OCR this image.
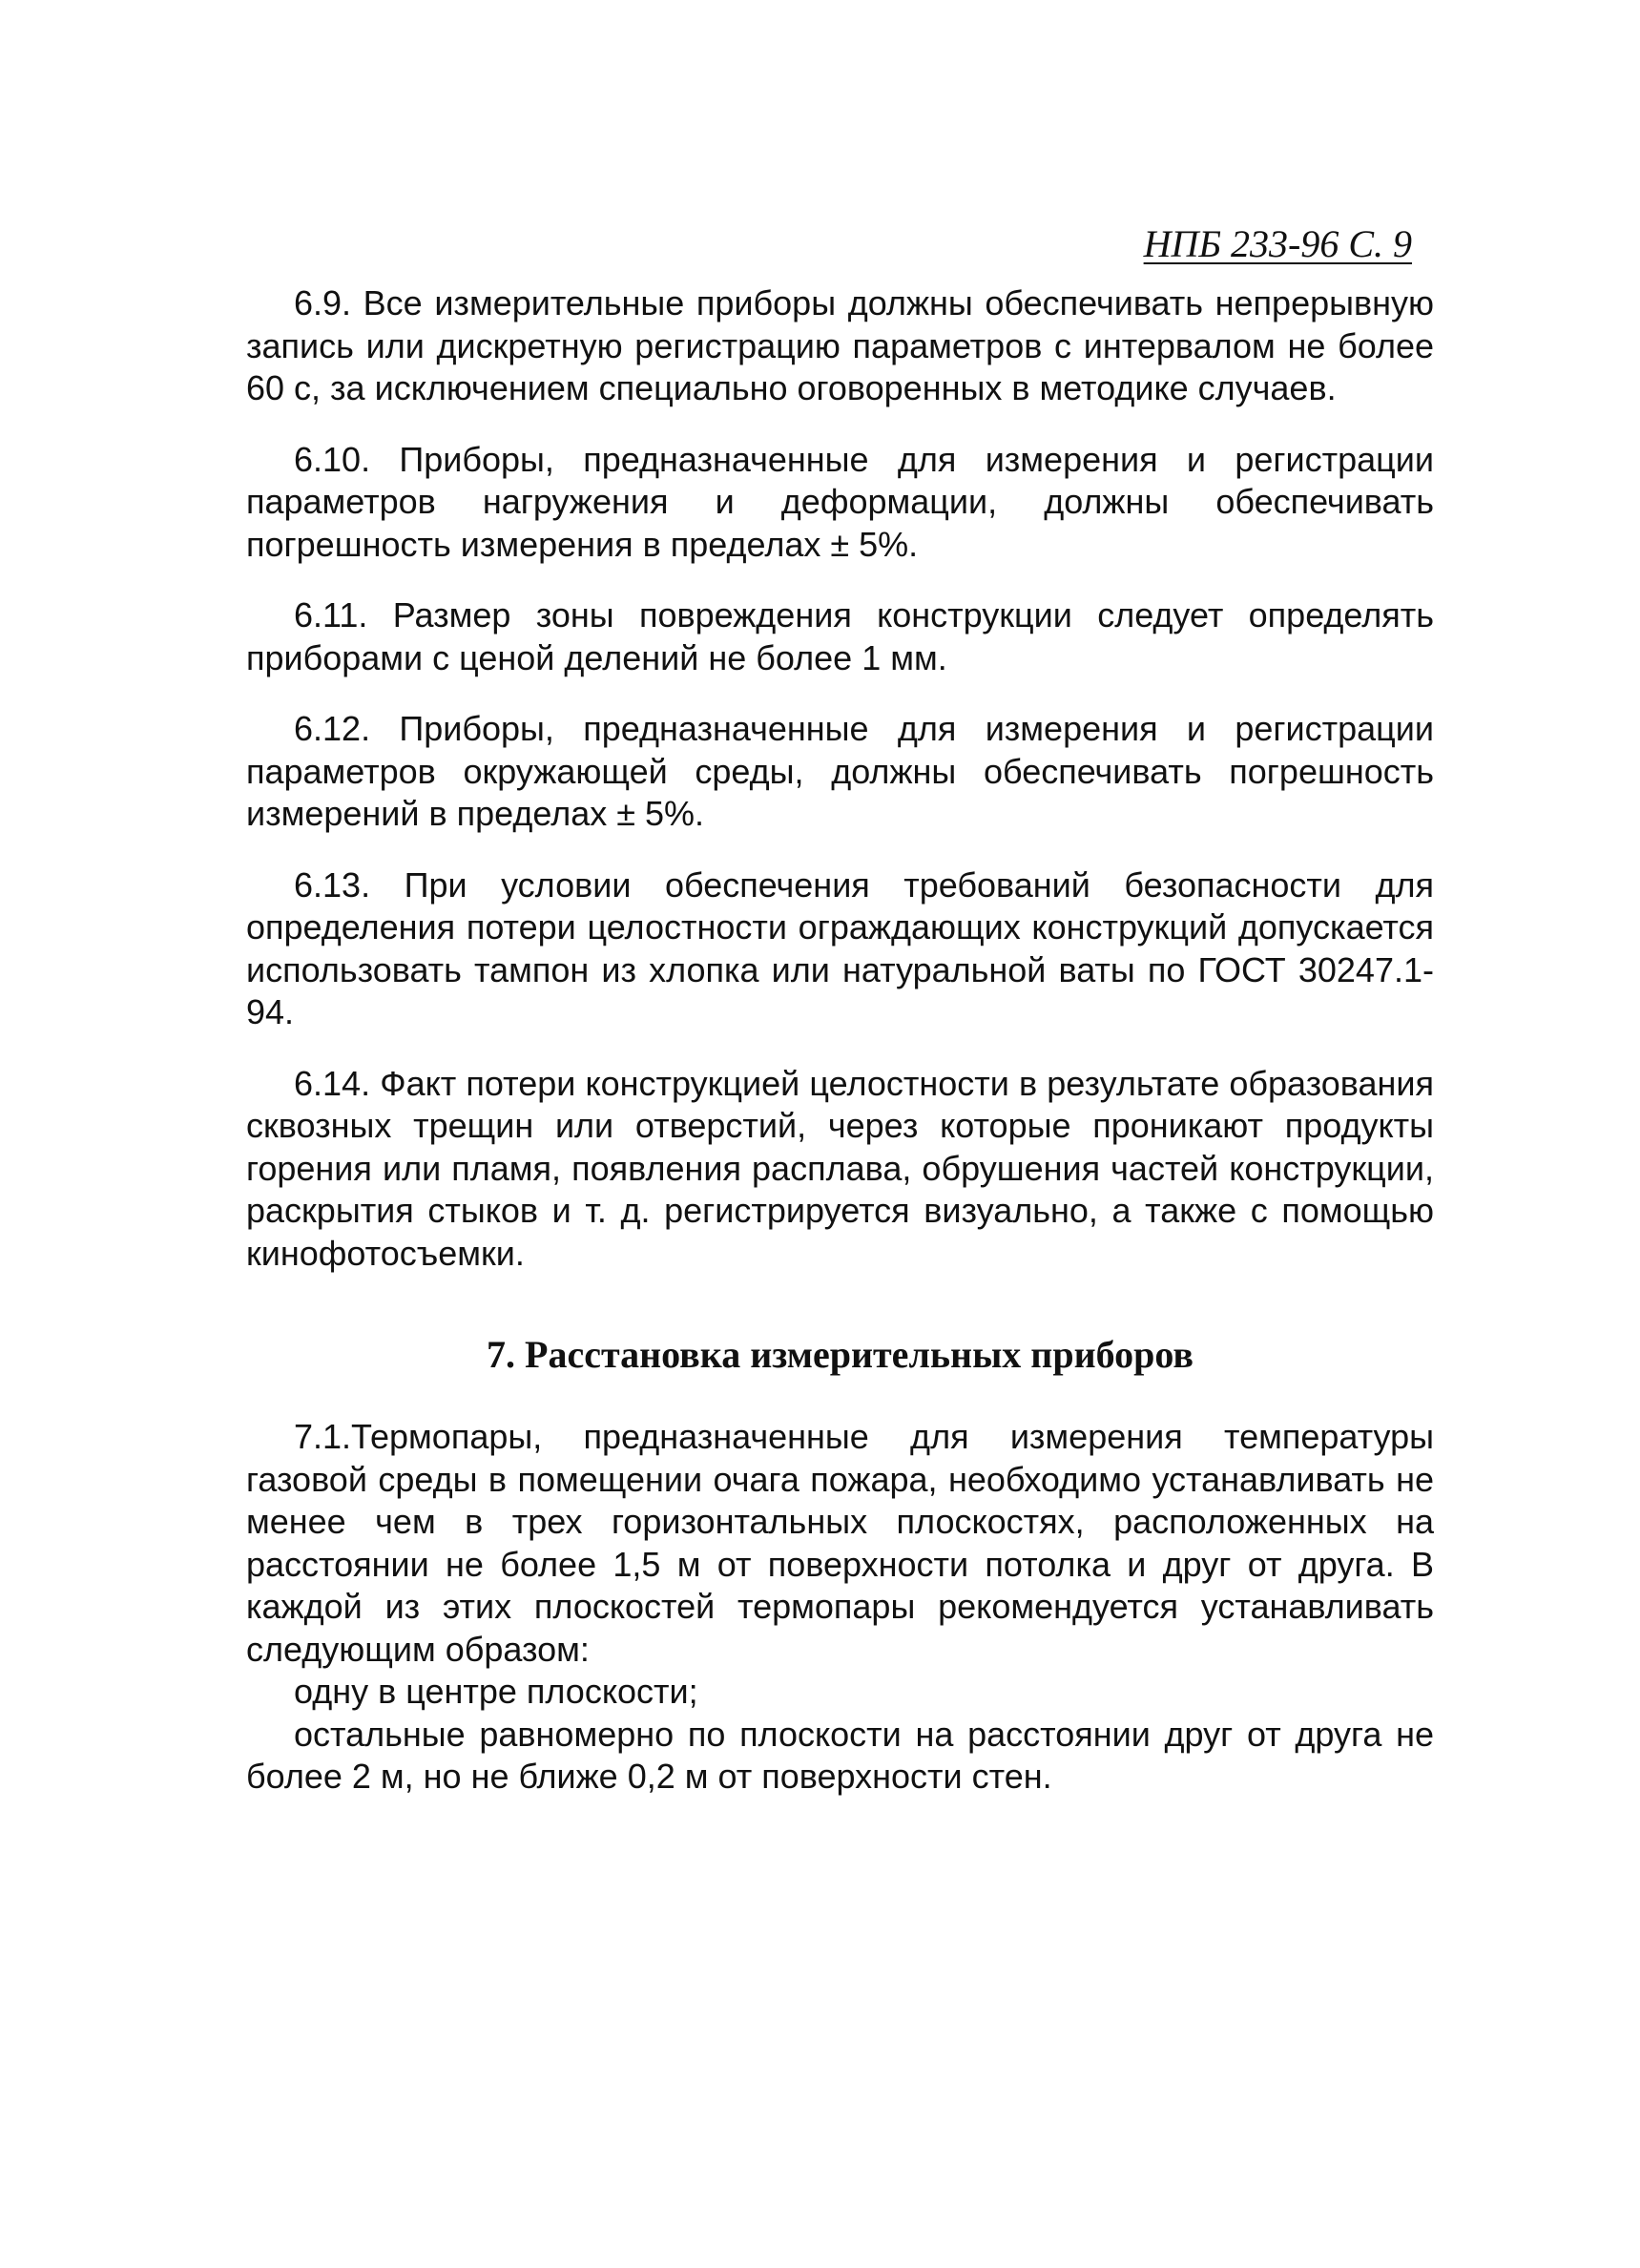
НПБ 233-96 С. 9

6.9. Все измерительные приборы должны обеспечивать непрерывную запись или дискретную регистрацию параметров с интервалом не более 60 с, за исключением специально оговоренных в методике случаев.

6.10. Приборы, предназначенные для измерения и регистрации параметров нагружения и деформации, должны обеспечивать погрешность измерения в пределах ± 5%.

6.11. Размер зоны повреждения конструкции следует определять приборами с ценой делений не более 1 мм.

6.12. Приборы, предназначенные для измерения и регистрации параметров окружающей среды, должны обеспечивать погрешность измерений в пределах ± 5%.

6.13. При условии обеспечения требований безопасности для определения потери целостности ограждающих конструкций допускается использовать тампон из хлопка или натуральной ваты по ГОСТ 30247.1-94.

6.14. Факт потери конструкцией целостности в результате образования сквозных трещин или отверстий, через которые проникают продукты горения или пламя, появления расплава, обрушения частей конструкции, раскрытия стыков и т. д. регистрируется визуально, а также с помощью кинофотосъемки.

7. Расстановка измерительных приборов

7.1.Термопары, предназначенные для измерения температуры газовой среды в помещении очага пожара, необходимо устанавливать не менее чем в трех горизонтальных плоскостях, расположенных на расстоянии не более 1,5 м от поверхности потолка и друг от друга. В каждой из этих плоскостей термопары рекомендуется устанавливать следующим образом:

одну в центре плоскости;

остальные равномерно по плоскости на расстоянии друг от друга не более 2 м, но не ближе 0,2 м от поверхности стен.
